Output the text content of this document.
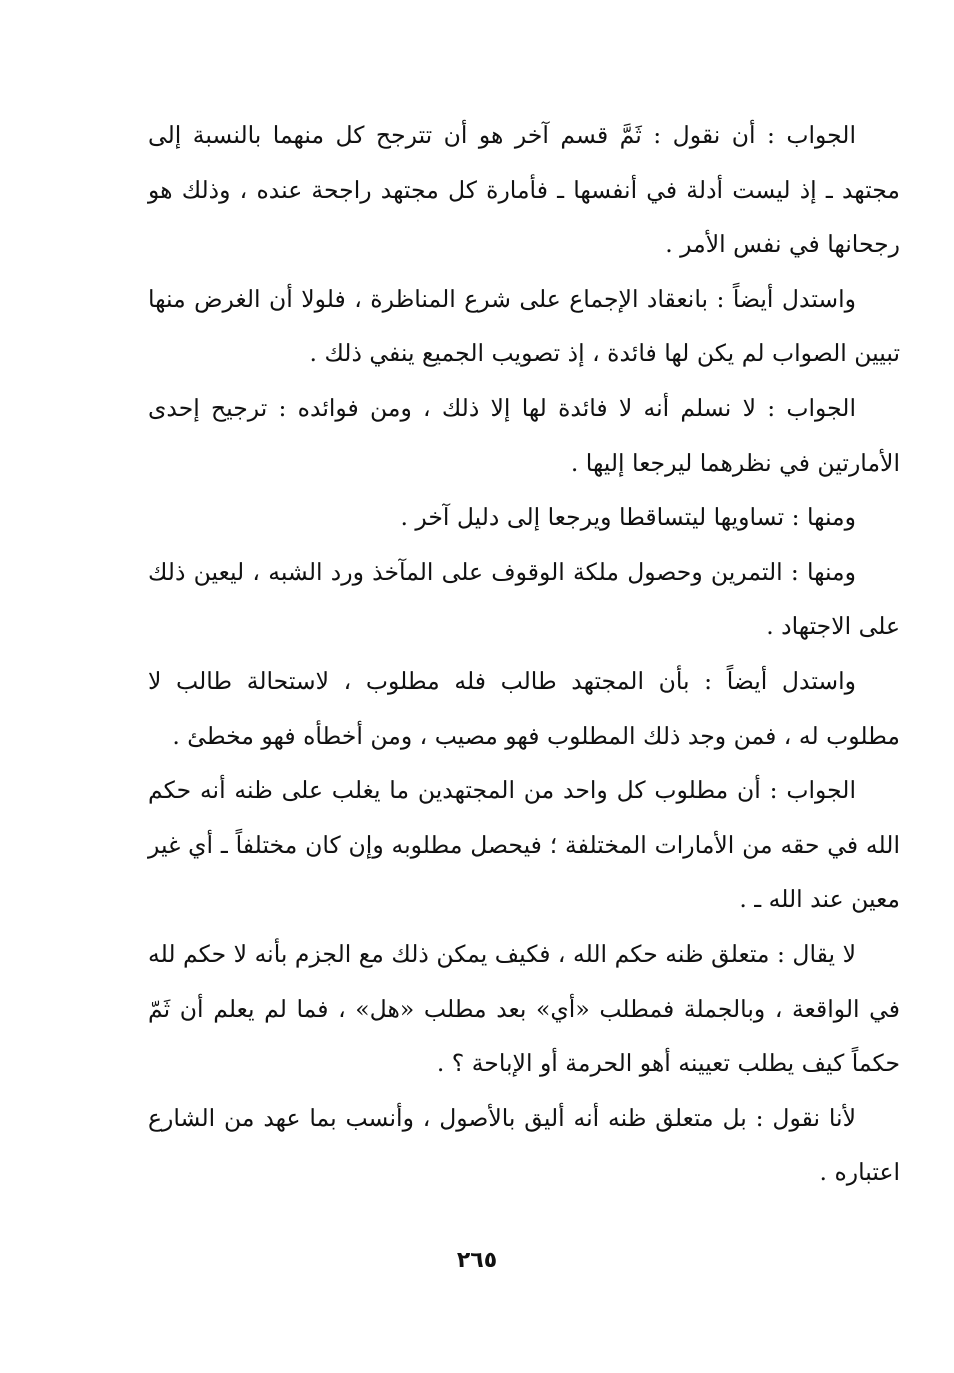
الجواب : أن نقول : ثَمَّ قسم آخر هو أن تترجح كل منهما بالنسبة إلى مجتهد ـ إذ ليست أدلة في أنفسها ـ فأمارة كل مجتهد راجحة عنده ، وذلك هو رجحانها في نفس الأمر .

واستدل أيضاً : بانعقاد الإجماع على شرع المناظرة ، فلولا أن الغرض منها تبيين الصواب لم يكن لها فائدة ، إذ تصويب الجميع ينفي ذلك .

الجواب : لا نسلم أنه لا فائدة لها إلا ذلك ، ومن فوائده : ترجيح إحدى الأمارتين في نظرهما ليرجعا إليها .

ومنها : تساويها ليتساقطا ويرجعا إلى دليل آخر .

ومنها : التمرين وحصول ملكة الوقوف على المآخذ ورد الشبه ، ليعين ذلك على الاجتهاد .

واستدل أيضاً : بأن المجتهد طالب فله مطلوب ، لاستحالة طالب لا مطلوب له ، فمن وجد ذلك المطلوب فهو مصيب ، ومن أخطأه فهو مخطئ .

الجواب : أن مطلوب كل واحد من المجتهدين ما يغلب على ظنه أنه حكم الله في حقه من الأمارات المختلفة ؛ فيحصل مطلوبه وإن كان مختلفاً ـ أي غير معين عند الله ـ .

لا يقال : متعلق ظنه حكم الله ، فكيف يمكن ذلك مع الجزم بأنه لا حكم لله في الواقعة ، وبالجملة فمطلب «أي» بعد مطلب «هل» ، فما لم يعلم أن ثَمّ حكماً كيف يطلب تعيينه أهو الحرمة أو الإباحة ؟ .

لأنا نقول : بل متعلق ظنه أنه أليق بالأصول ، وأنسب بما عهد من الشارع اعتباره .

٢٦٥
